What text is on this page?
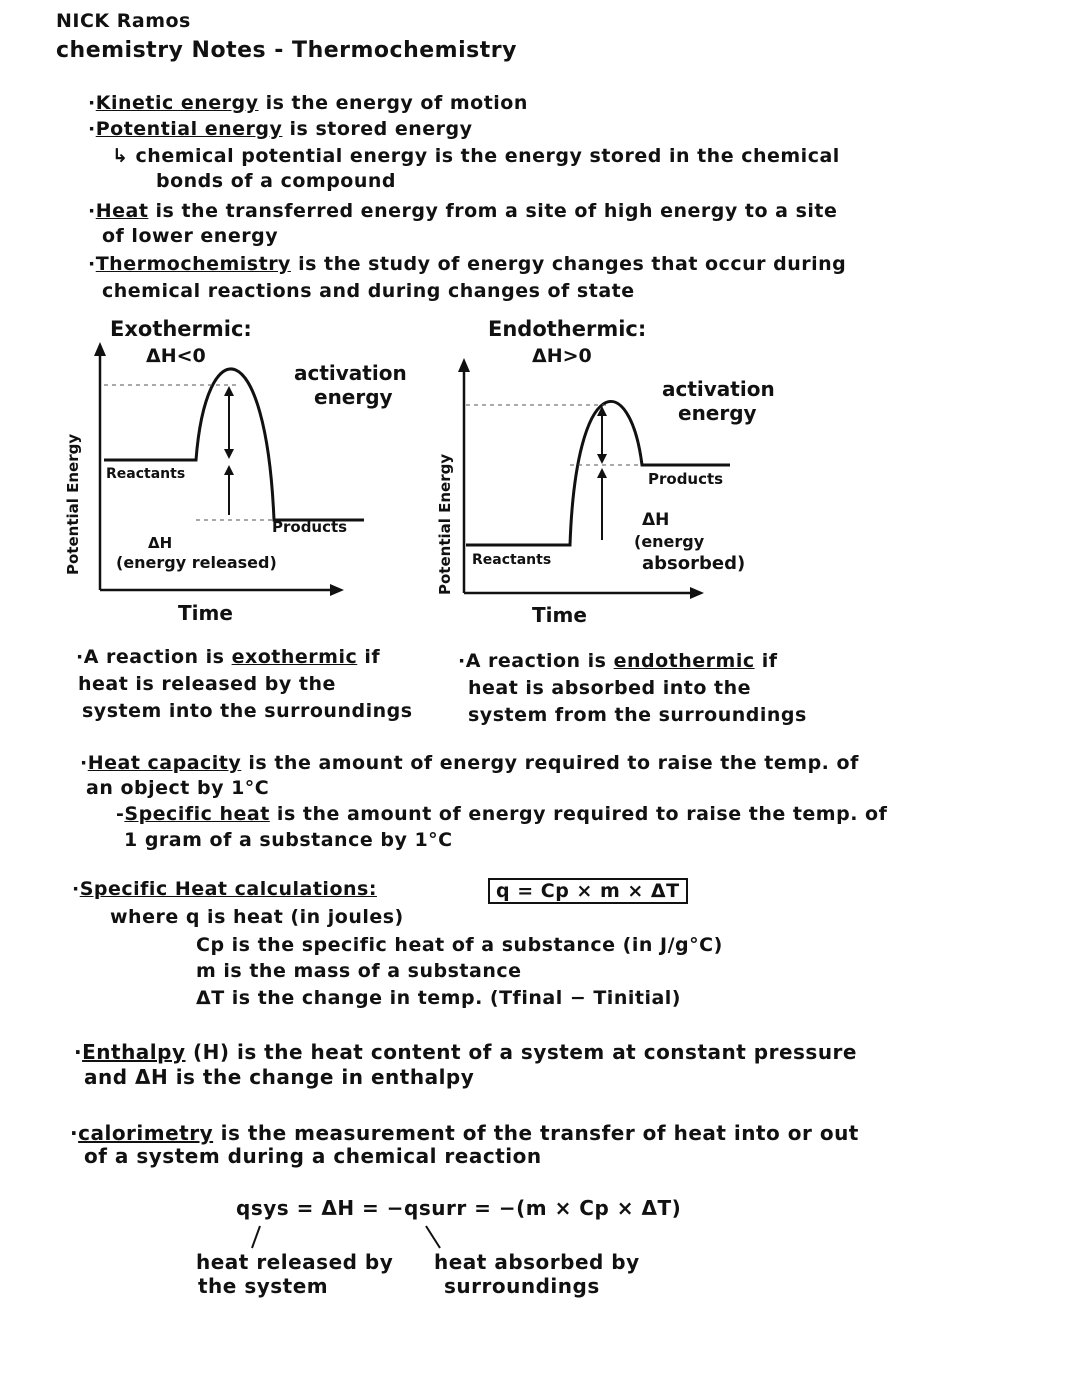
NICK Ramos
chemistry Notes - Thermochemistry
·Kinetic energy is the energy of motion
·Potential energy is stored energy
↳ chemical potential energy is the energy stored in the chemical
bonds of a compound
·Heat is the transferred energy from a site of high energy to a site
of lower energy
·Thermochemistry is the study of energy changes that occur during
chemical reactions and during changes of state
Exothermic:
ΔH<0
Potential Energy
activation
energy
Reactants
Products
ΔH
(energy released)
Time
Endothermic:
ΔH>0
Potential Energy
activation
energy
Products
Reactants
ΔH
(energy
absorbed)
Time
·A reaction is exothermic if
heat is released by the
system into the surroundings
·A reaction is endothermic if
heat is absorbed into the
system from the surroundings
·Heat capacity is the amount of energy required to raise the temp. of
an object by 1°C
-Specific heat is the amount of energy required to raise the temp. of
1 gram of a substance by 1°C
·Specific Heat calculations:	q = Cp × m × ΔT
where q is heat (in joules)
Cp is the specific heat of a substance (in J/g°C)
m is the mass of a substance
ΔT is the change in temp. (Tfinal − Tinitial)
·Enthalpy (H) is the heat content of a system at constant pressure
and ΔH is the change in enthalpy
·calorimetry is the measurement of the transfer of heat into or out
of a system during a chemical reaction
qsys = ΔH = −qsurr = −(m × Cp × ΔT)
heat released by
the system
heat absorbed by
surroundings
